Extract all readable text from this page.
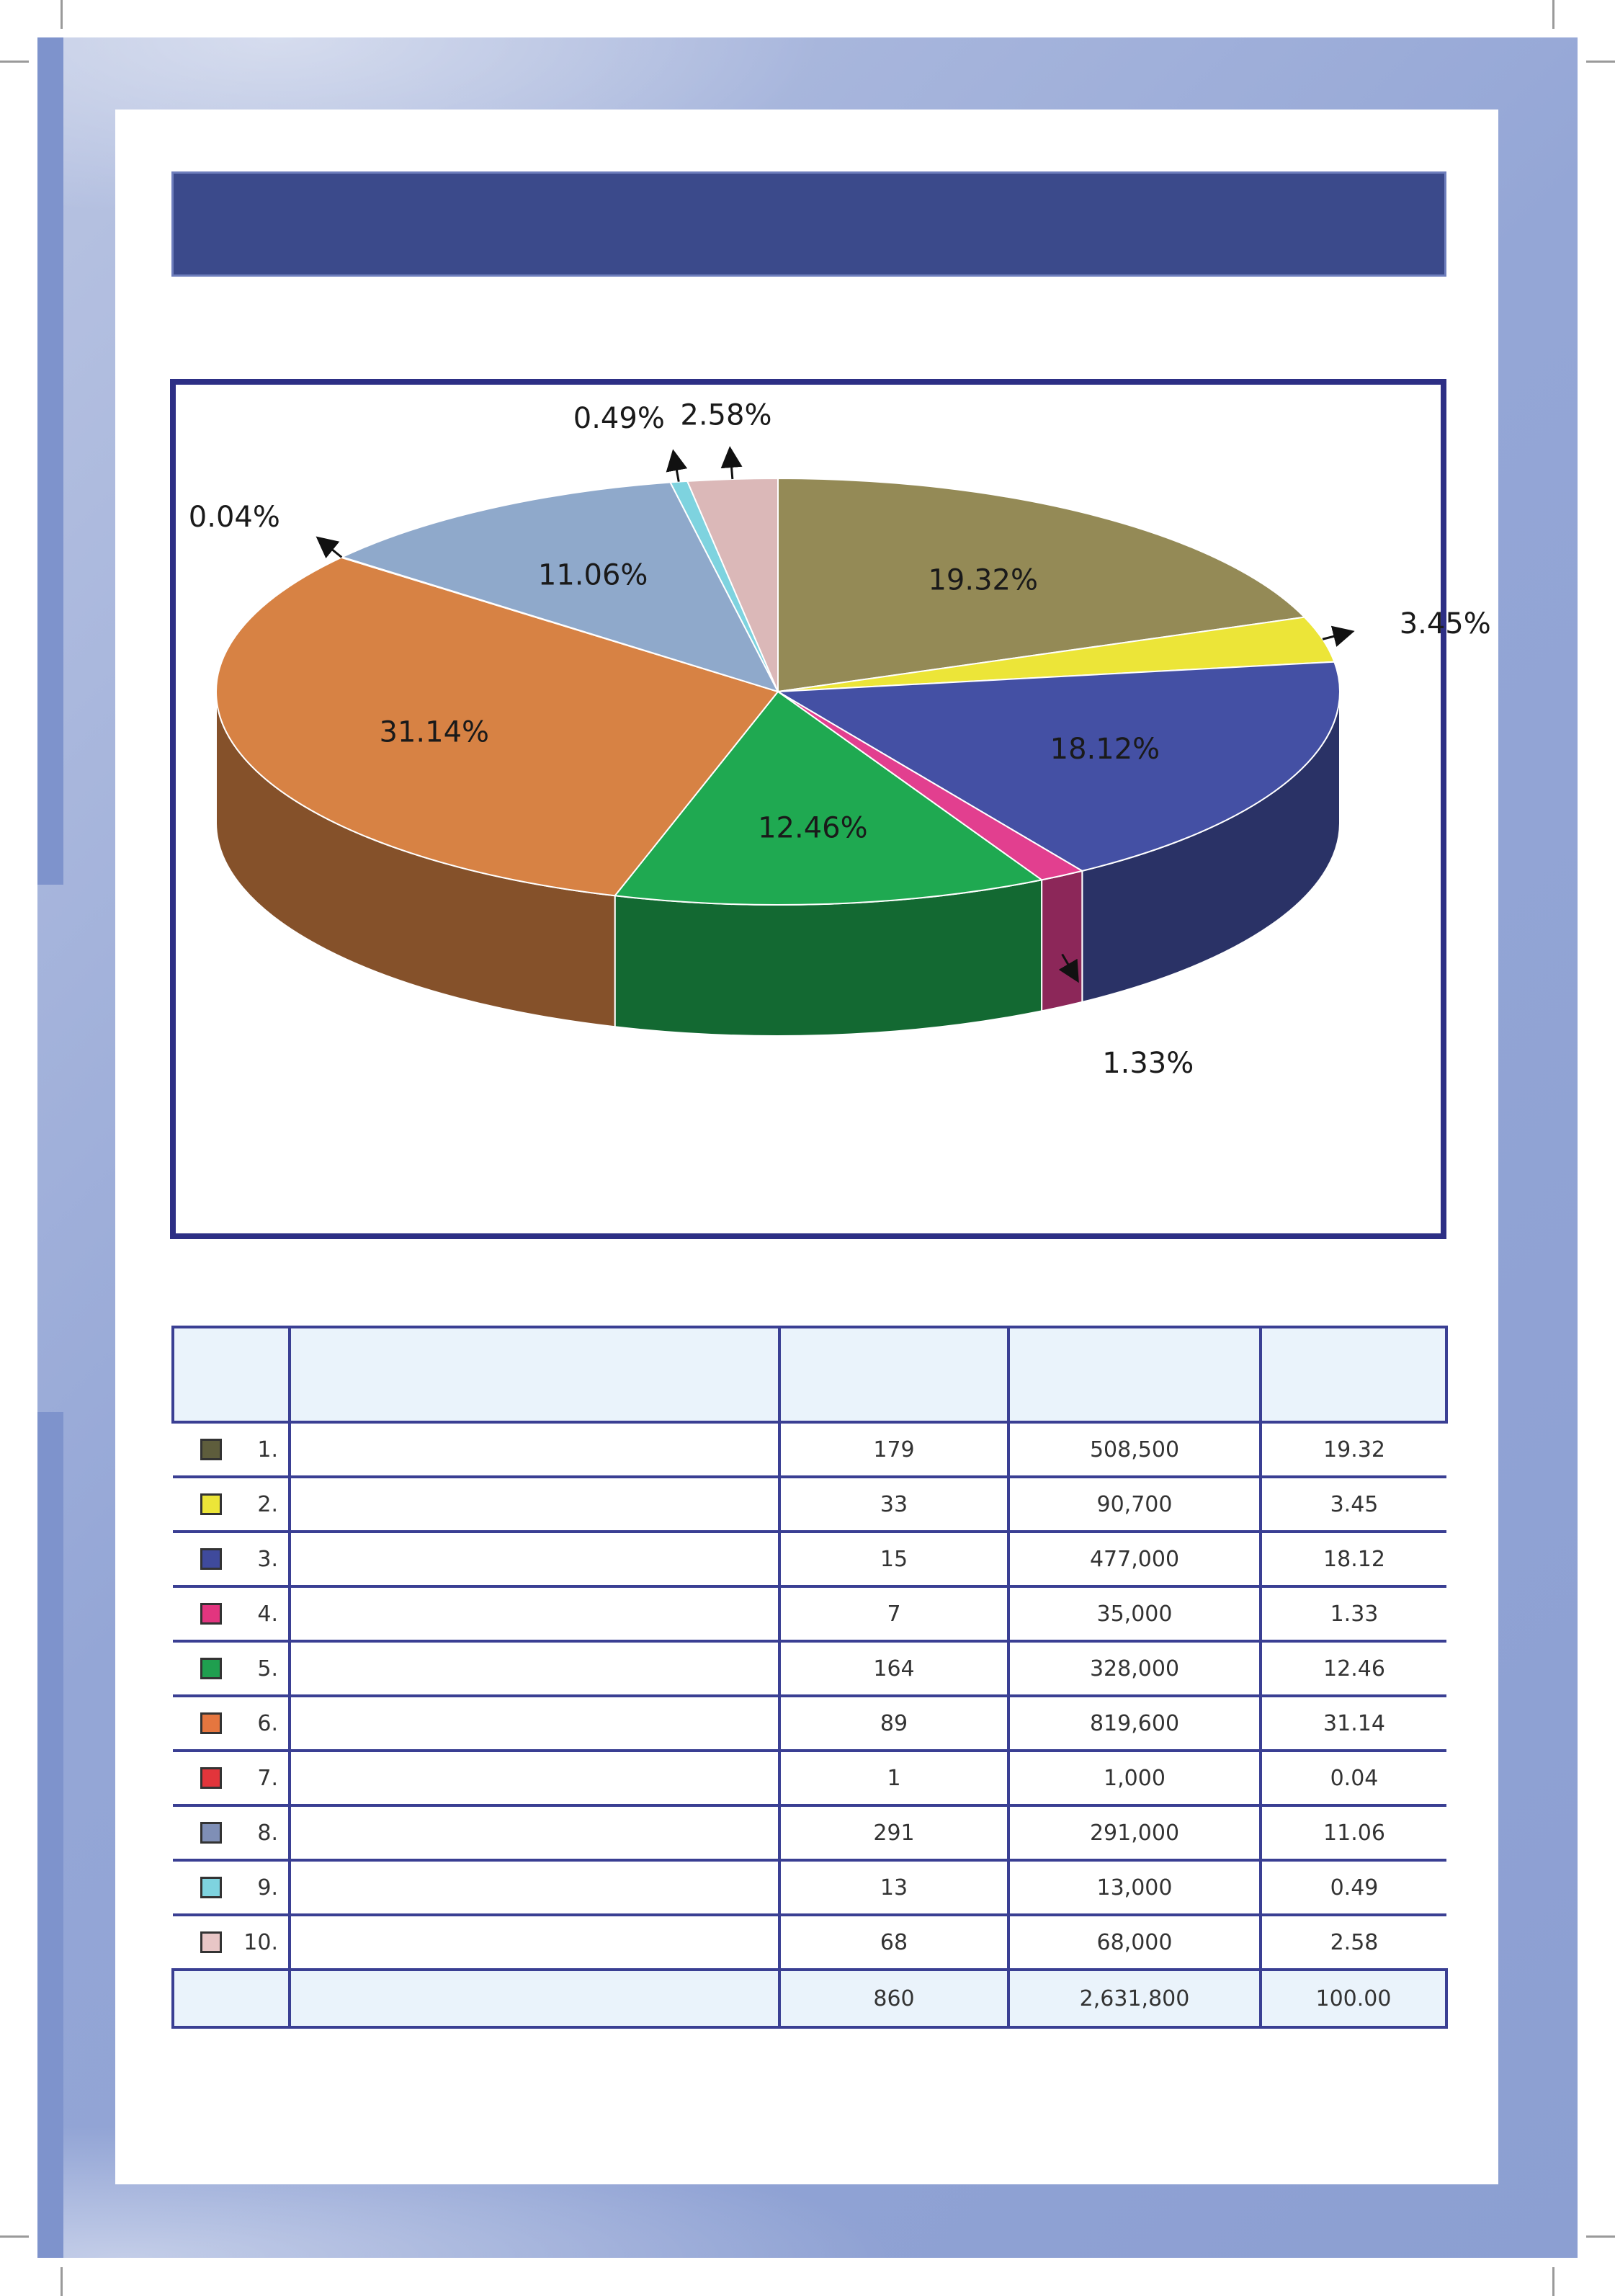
19.32%
3.45%
18.12%
1.33%
12.46%
31.14%
0.04%
11.06%
0.49% 2.58%

1.		179	508,500	19.32

2.		33	90,700	3.45

3.		15	477,000	18.12

4.		7	35,000	1.33

5.		164	328,000	12.46

6.		89	819,600	31.14

7.		1	1,000	0.04

8.		291	291,000	11.06

9.		13	13,000	0.49

10.		68	68,000	2.58
		860	2,631,800	100.00
